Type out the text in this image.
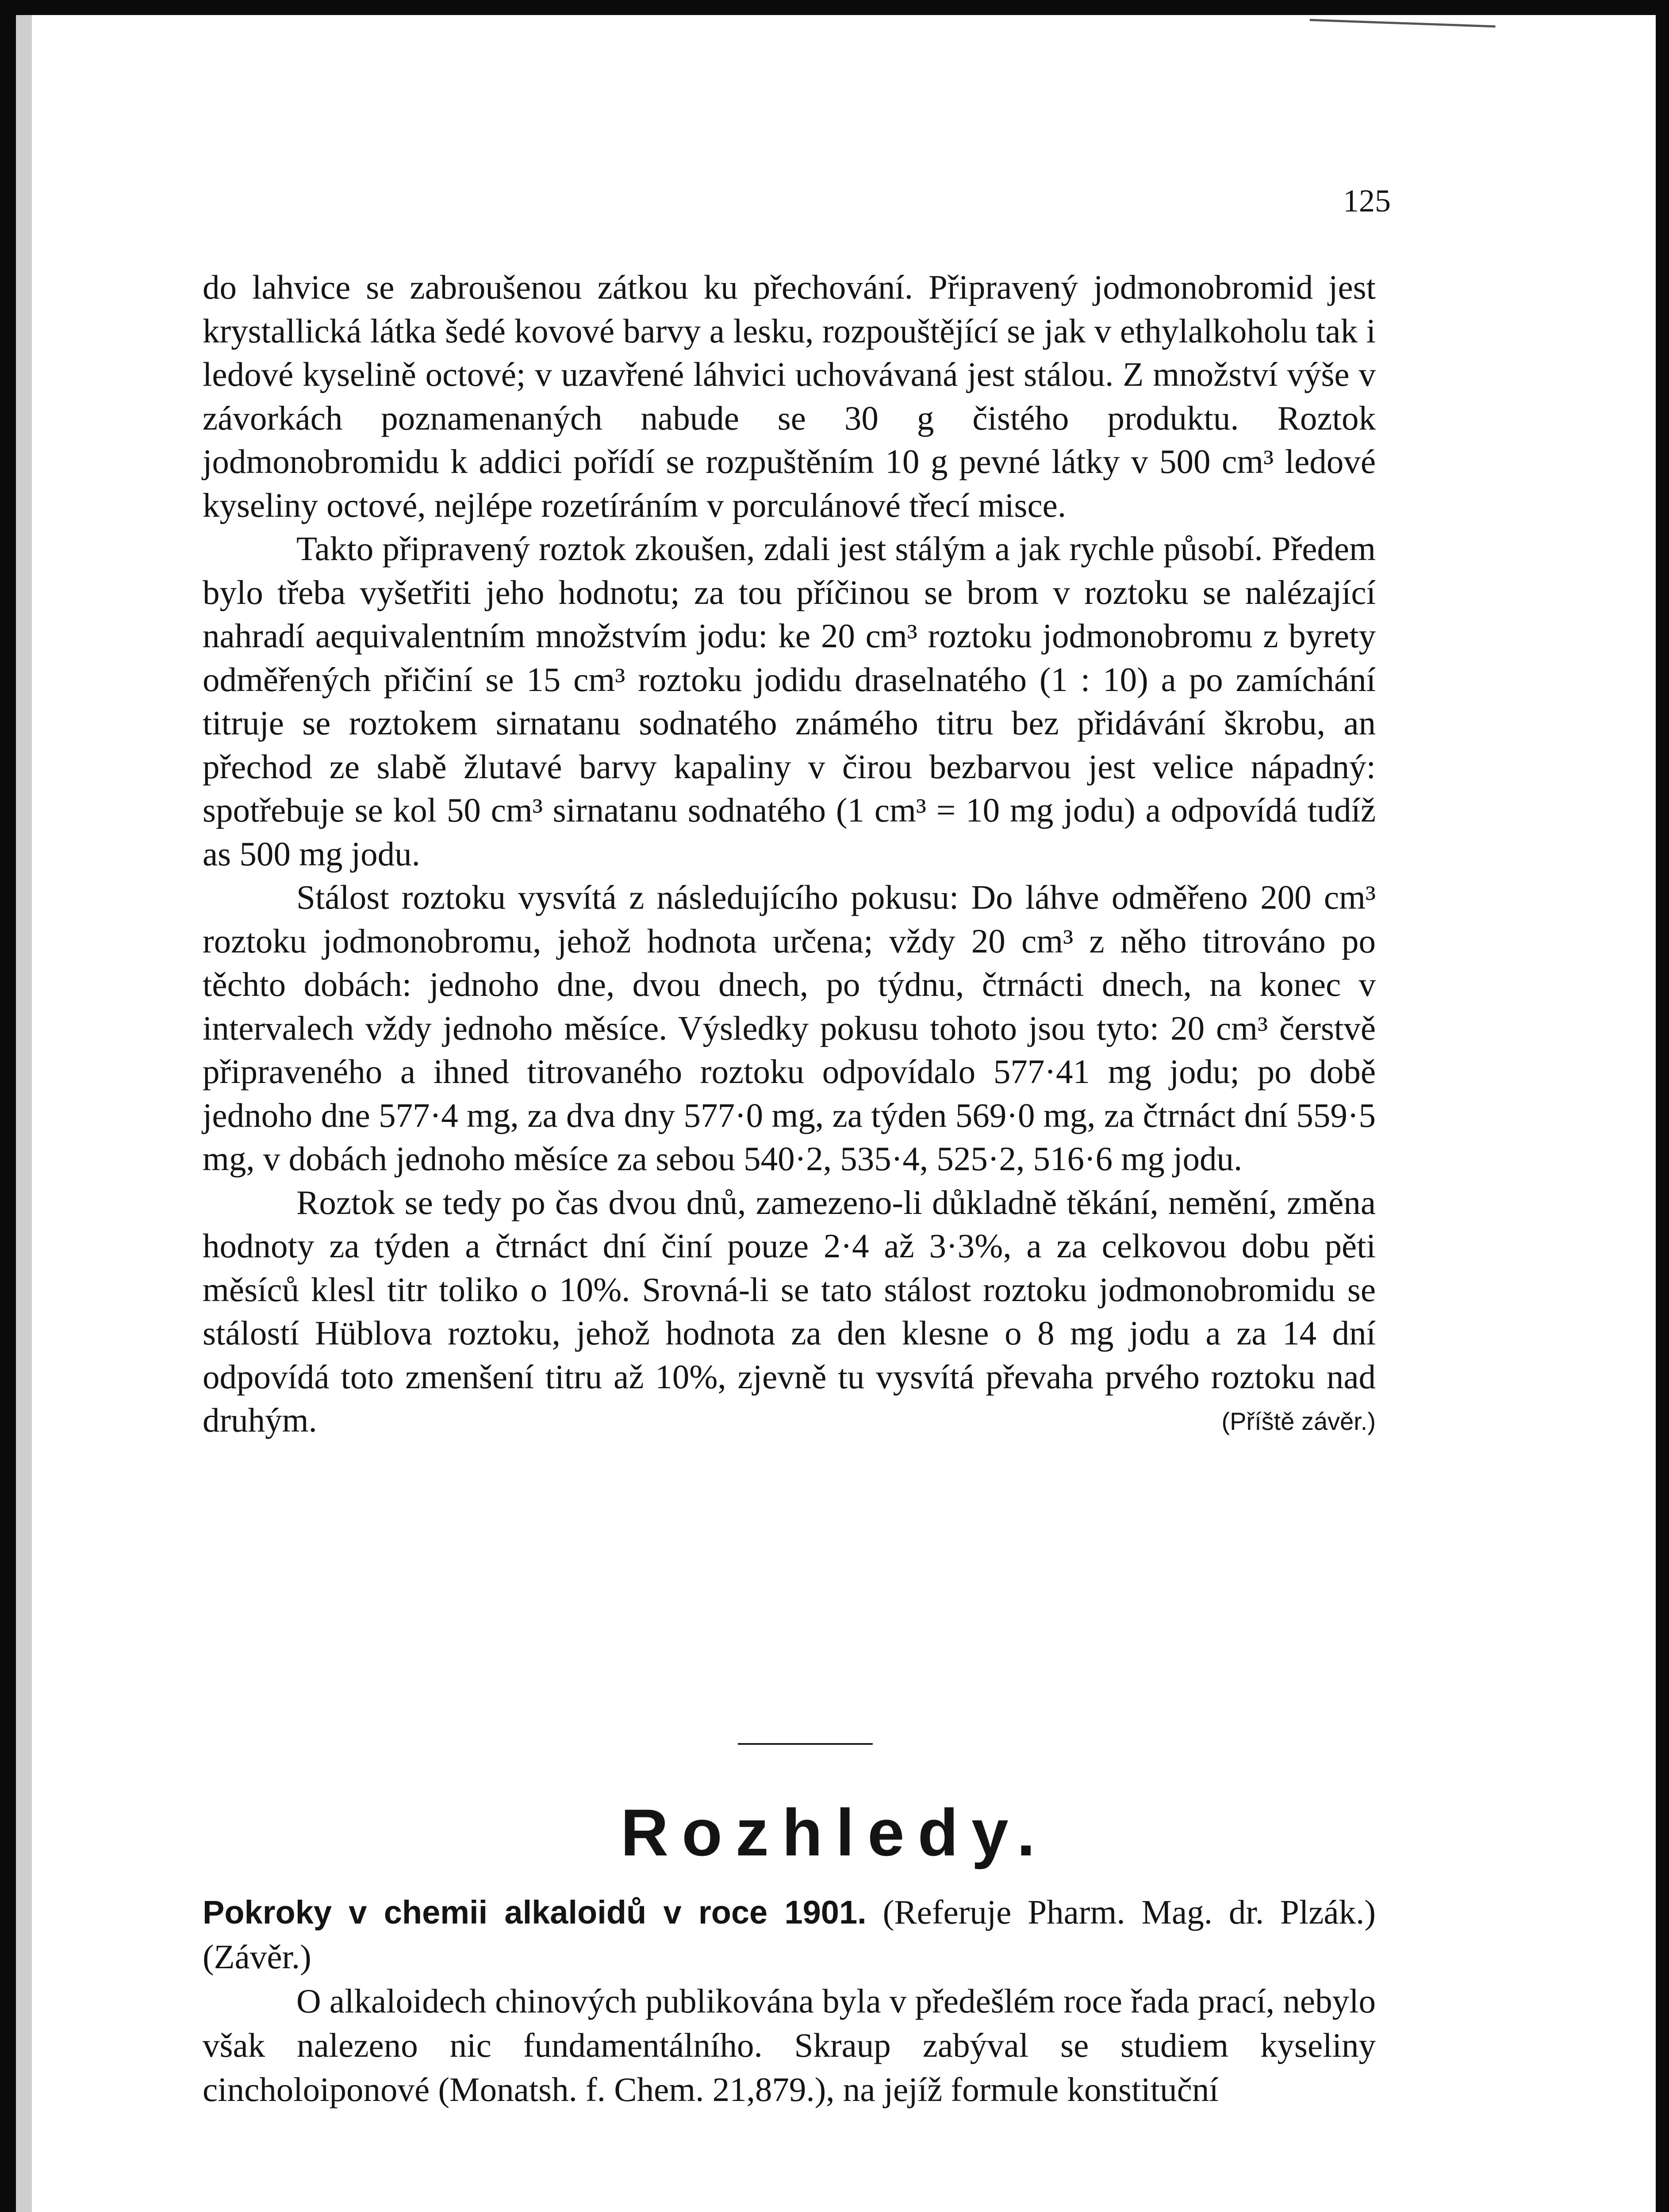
125

do lahvice se zabroušenou zátkou ku přechování. Připravený jodmonobromid jest krystallická látka šedé kovové barvy a lesku, rozpouštějící se jak v ethylalkoholu tak i ledové kyselině octové; v uzavřené láhvici uchovávaná jest stálou. Z množství výše v závorkách poznamenaných nabude se 30 g čistého produktu. Roztok jodmonobromidu k addici pořídí se rozpuštěním 10 g pevné látky v 500 cm³ ledové kyseliny octové, nejlépe rozetíráním v porculánové třecí misce.

Takto připravený roztok zkoušen, zdali jest stálým a jak rychle působí. Předem bylo třeba vyšetřiti jeho hodnotu; za tou příčinou se brom v roztoku se nalézající nahradí aequivalentním množstvím jodu: ke 20 cm³ roztoku jodmonobromu z byrety odměřených přičiní se 15 cm³ roztoku jodidu draselnatého (1 : 10) a po zamíchání titruje se roztokem sirnatanu sodnatého známého titru bez přidávání škrobu, an přechod ze slabě žlutavé barvy kapaliny v čirou bezbarvou jest velice nápadný: spotřebuje se kol 50 cm³ sirnatanu sodnatého (1 cm³ = 10 mg jodu) a odpovídá tudíž as 500 mg jodu.

Stálost roztoku vysvítá z následujícího pokusu: Do láhve odměřeno 200 cm³ roztoku jodmonobromu, jehož hodnota určena; vždy 20 cm³ z něho titrováno po těchto dobách: jednoho dne, dvou dnech, po týdnu, čtrnácti dnech, na konec v intervalech vždy jednoho měsíce. Výsledky pokusu tohoto jsou tyto: 20 cm³ čerstvě připraveného a ihned titrovaného roztoku odpovídalo 577·41 mg jodu; po době jednoho dne 577·4 mg, za dva dny 577·0 mg, za týden 569·0 mg, za čtrnáct dní 559·5 mg, v dobách jednoho měsíce za sebou 540·2, 535·4, 525·2, 516·6 mg jodu.

Roztok se tedy po čas dvou dnů, zamezeno-li důkladně těkání, nemění, změna hodnoty za týden a čtrnáct dní činí pouze 2·4 až 3·3%, a za celkovou dobu pěti měsíců klesl titr toliko o 10%. Srovná-li se tato stálost roztoku jodmonobromidu se stálostí Hüblova roztoku, jehož hodnota za den klesne o 8 mg jodu a za 14 dní odpovídá toto zmenšení titru až 10%, zjevně tu vysvítá převaha prvého roztoku nad druhým.	(Příště závěr.)
Rozhledy.

Pokroky v chemii alkaloidů v roce 1901. (Referuje Pharm. Mag. dr. Plzák.) (Závěr.)

O alkaloidech chinových publikována byla v předešlém roce řada prací, nebylo však nalezeno nic fundamentálního. Skraup zabýval se studiem kyseliny cincholoiponové (Monatsh. f. Chem. 21,879.), na jejíž formule konstituční
